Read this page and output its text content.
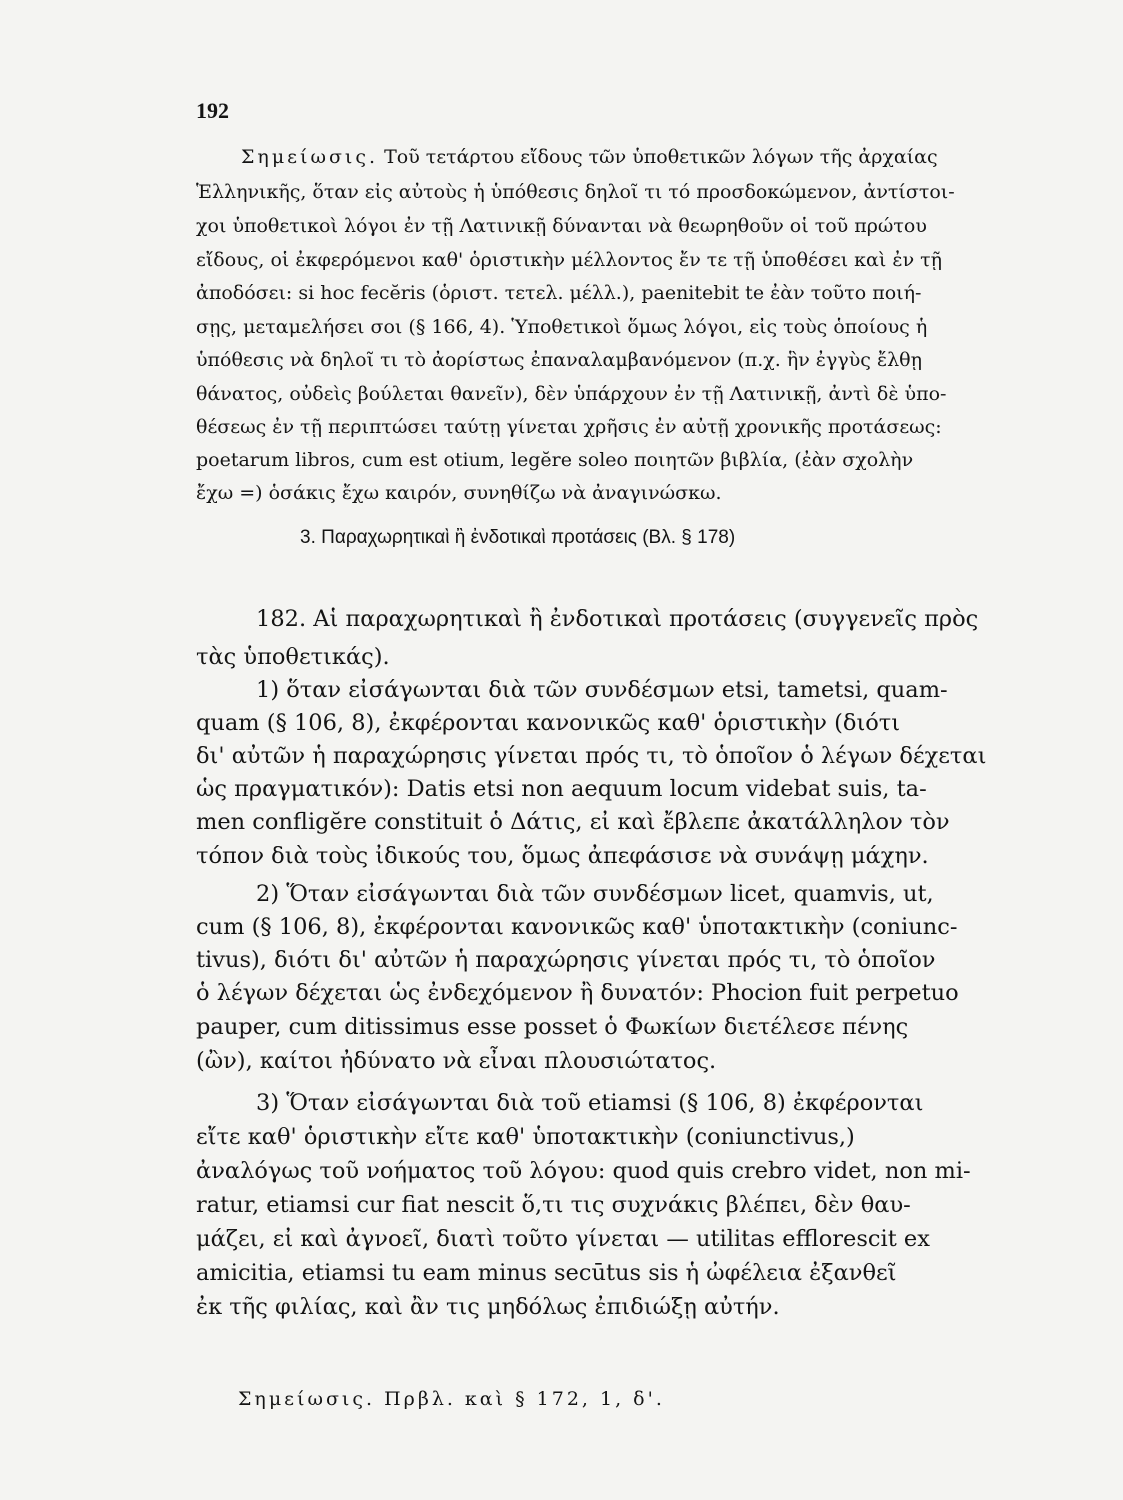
192
Σημείωσις. Τοῦ τετάρτου εἴδους τῶν ὑποθετικῶν λόγων τῆς ἀρχαίας
Ἑλληνικῆς, ὅταν εἰς αὐτοὺς ἡ ὑπόθεσις δηλοῖ τι τό προσδοκώμενον, ἀντίστοι-
χοι ὑποθετικοὶ λόγοι ἐν τῇ Λατινικῇ δύνανται νὰ θεωρηθοῦν οἱ τοῦ πρώτου
εἴδους, οἱ ἐκφερόμενοι καθ' ὁριστικὴν μέλλοντος ἔν τε τῇ ὑποθέσει καὶ ἐν τῇ
ἀποδόσει: si hoc fecĕris (ὁριστ. τετελ. μέλλ.), paenitebit te ἐὰν τοῦτο ποιή-
σῃς, μεταμελήσει σοι (§ 166, 4). Ὑποθετικοὶ ὅμως λόγοι, εἰς τοὺς ὁποίους ἡ
ὑπόθεσις νὰ δηλοῖ τι τὸ ἀορίστως ἐπαναλαμβανόμενον (π.χ. ἣν ἐγγὺς ἔλθῃ
θάνατος, οὐδεὶς βούλεται θανεῖν), δὲν ὑπάρχουν ἐν τῇ Λατινικῇ, ἀντὶ δὲ ὑπο-
θέσεως ἐν τῇ περιπτώσει ταύτῃ γίνεται χρῆσις ἐν αὐτῇ χρονικῆς προτάσεως:
poetarum libros, cum est otium, legĕre soleo ποιητῶν βιβλία, (ἐὰν σχολὴν
ἔχω =) ὁσάκις ἔχω καιρόν, συνηθίζω νὰ ἀναγινώσκω.
3. Παραχωρητικαὶ ἢ ἐνδοτικαὶ προτάσεις (Βλ. § 178)
182. Αἱ παραχωρητικαὶ ἢ ἐνδοτικαὶ προτάσεις (συγγενεῖς πρὸς
τὰς ὑποθετικάς).
1) ὅταν εἰσάγωνται διὰ τῶν συνδέσμων etsi, tametsi, quam-
quam (§ 106, 8), ἐκφέρονται κανονικῶς καθ' ὁριστικὴν (διότι
δι' αὐτῶν ἡ παραχώρησις γίνεται πρός τι, τὸ ὁποῖον ὁ λέγων δέχεται
ὡς πραγματικόν): Datis etsi non aequum locum videbat suis, ta-
men confligĕre constituit ὁ Δάτις, εἰ καὶ ἔβλεπε ἀκατάλληλον τὸν
τόπον διὰ τοὺς ἰδικούς του, ὅμως ἀπεφάσισε νὰ συνάψῃ μάχην.
2) Ὅταν εἰσάγωνται διὰ τῶν συνδέσμων licet, quamvis, ut,
cum (§ 106, 8), ἐκφέρονται κανονικῶς καθ' ὑποτακτικὴν (coniunc-
tivus), διότι δι' αὐτῶν ἡ παραχώρησις γίνεται πρός τι, τὸ ὁποῖον
ὁ λέγων δέχεται ὡς ἐνδεχόμενον ἢ δυνατόν: Phocion fuit perpetuo
pauper, cum ditissimus esse posset ὁ Φωκίων διετέλεσε πένης
(ὢν), καίτοι ἠδύνατο νὰ εἶναι πλουσιώτατος.
3) Ὅταν εἰσάγωνται διὰ τοῦ etiamsi (§ 106, 8) ἐκφέρονται
εἴτε καθ' ὁριστικὴν εἴτε καθ' ὑποτακτικὴν (coniunctivus,)
ἀναλόγως τοῦ νοήματος τοῦ λόγου: quod quis crebro videt, non mi-
ratur, etiamsi cur fiat nescit ὅ,τι τις συχνάκις βλέπει, δὲν θαυ-
μάζει, εἰ καὶ ἀγνοεῖ, διατὶ τοῦτο γίνεται — utilitas efflorescit ex
amicitia, etiamsi tu eam minus secūtus sis ἡ ὠφέλεια ἐξανθεῖ
ἐκ τῆς φιλίας, καὶ ἂν τις μηδόλως ἐπιδιώξῃ αὐτήν.
Σημείωσις. Πρβλ. καὶ § 172, 1, δ'.
